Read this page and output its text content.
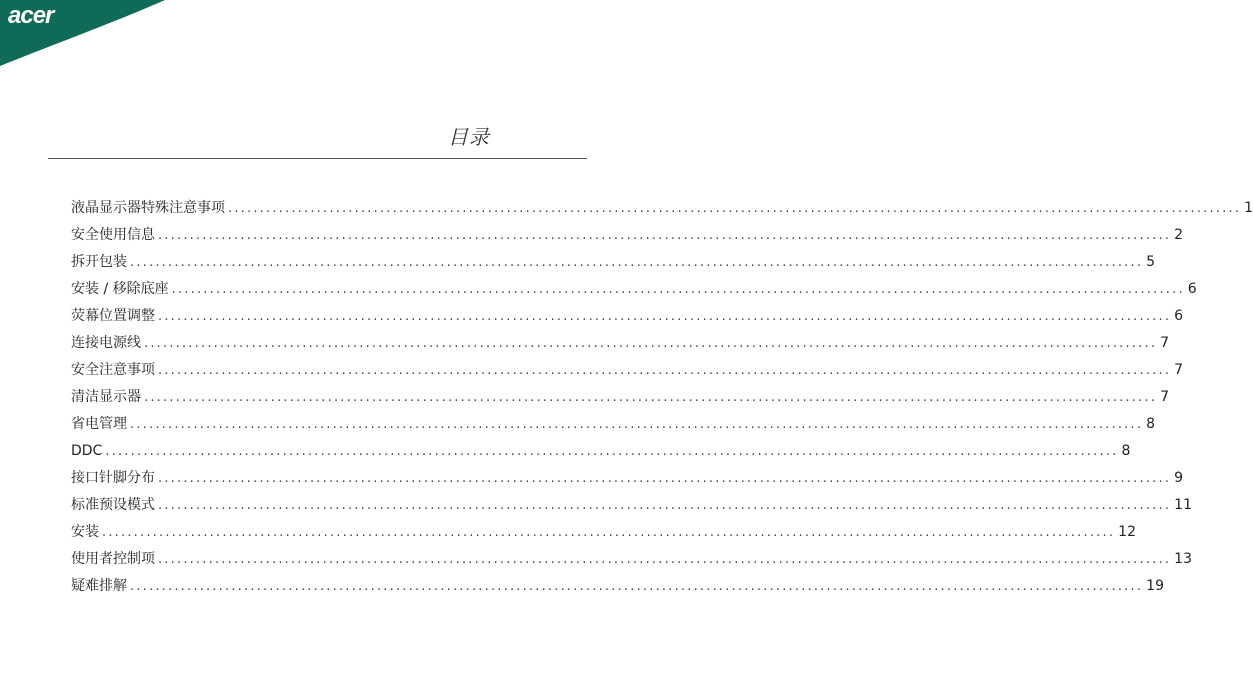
acer
目录
液晶显示器特殊注意事项 ................................................................................................................................................................ 1
安全使用信息 ................................................................................................................................................................ 2
拆开包装 ................................................................................................................................................................ 5
安装 / 移除底座 ................................................................................................................................................................ 6
荧幕位置调整 ................................................................................................................................................................ 6
连接电源线 ................................................................................................................................................................ 7
安全注意事项 ................................................................................................................................................................ 7
清洁显示器 ................................................................................................................................................................ 7
省电管理 ................................................................................................................................................................ 8
DDC ................................................................................................................................................................ 8
接口针脚分布 ................................................................................................................................................................ 9
标准预设模式 ................................................................................................................................................................ 11
安装 ................................................................................................................................................................ 12
使用者控制项 ................................................................................................................................................................ 13
疑难排解 ................................................................................................................................................................ 19
